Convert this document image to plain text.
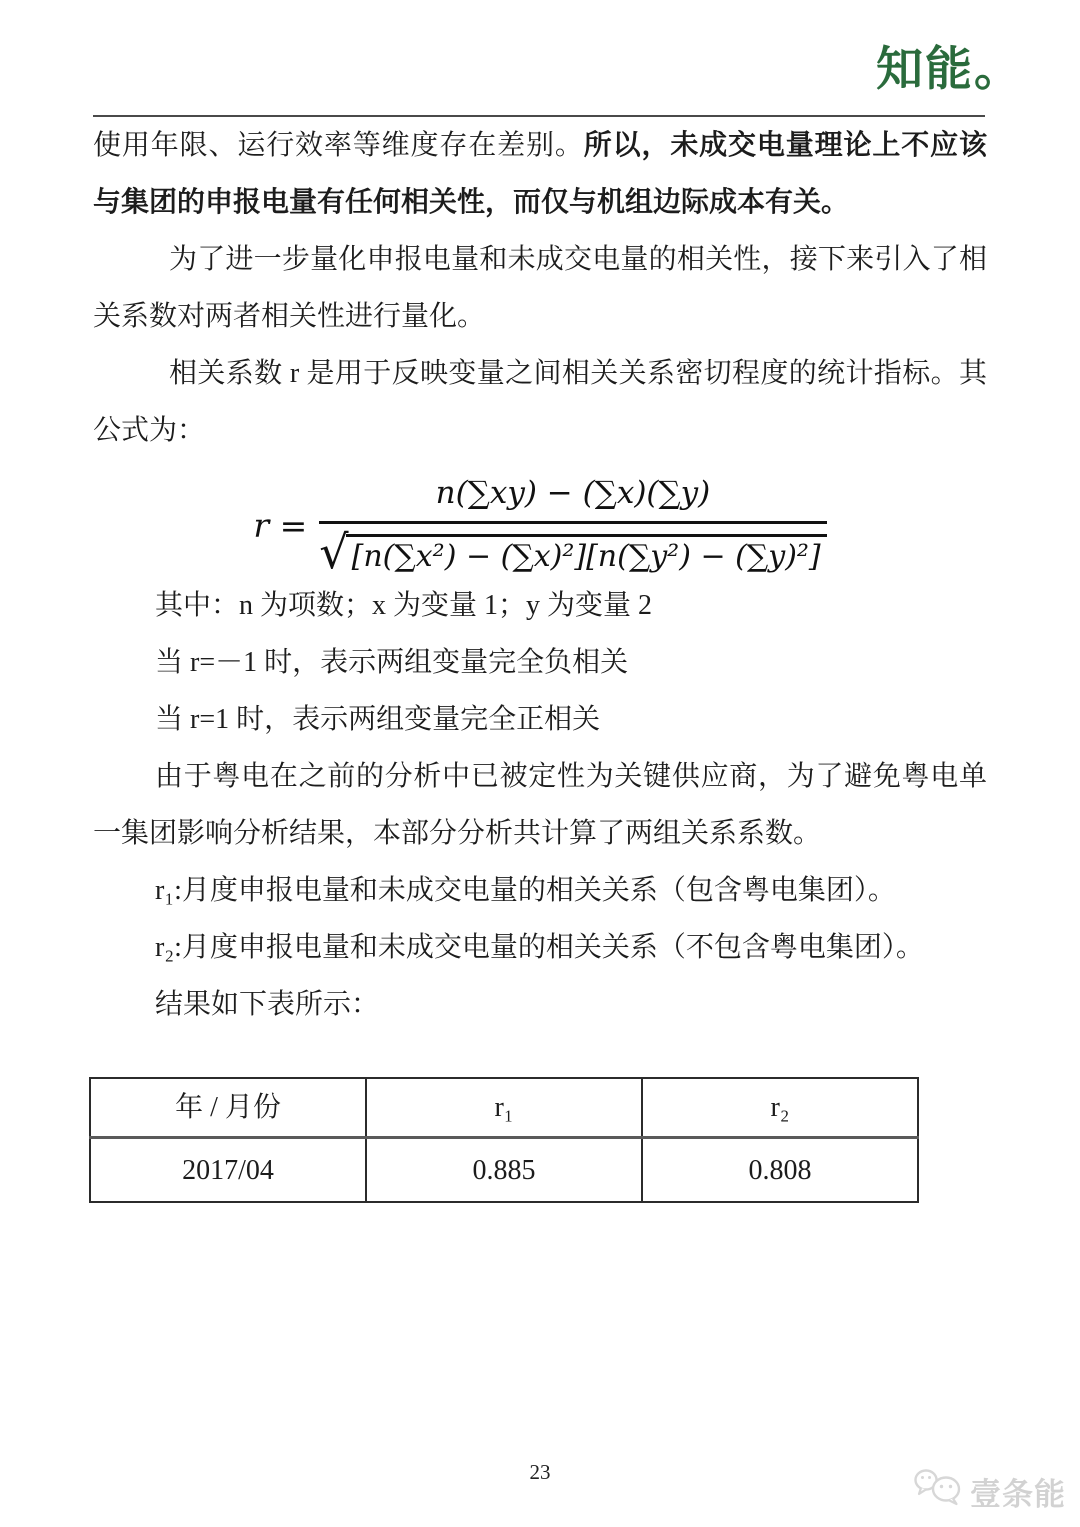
知能。

使用年限、运行效率等维度存在差别。所以，未成交电量理论上不应该与集团的申报电量有任何相关性，而仅与机组边际成本有关。

为了进一步量化申报电量和未成交电量的相关性，接下来引入了相关系数对两者相关性进行量化。

相关系数 r 是用于反映变量之间相关关系密切程度的统计指标。其公式为：

$r = \frac{n(\sum xy) - (\sum x)(\sum y)}{\text{√ [n(∑x²) − (∑x)²][n(∑y²) − (∑y)²]}}$

其中：n 为项数；x 为变量 1；y 为变量 2

当 r=－1 时，表示两组变量完全负相关

当 r=1 时，表示两组变量完全正相关

由于粤电在之前的分析中已被定性为关键供应商，为了避免粤电单一集团影响分析结果，本部分分析共计算了两组关系系数。

r₁:月度申报电量和未成交电量的相关关系（包含粤电集团）。

r₂:月度申报电量和未成交电量的相关关系（不包含粤电集团）。

结果如下表所示：

年 / 月份	r₁	r₂
2017/04	0.885	0.808
23
壹条能
